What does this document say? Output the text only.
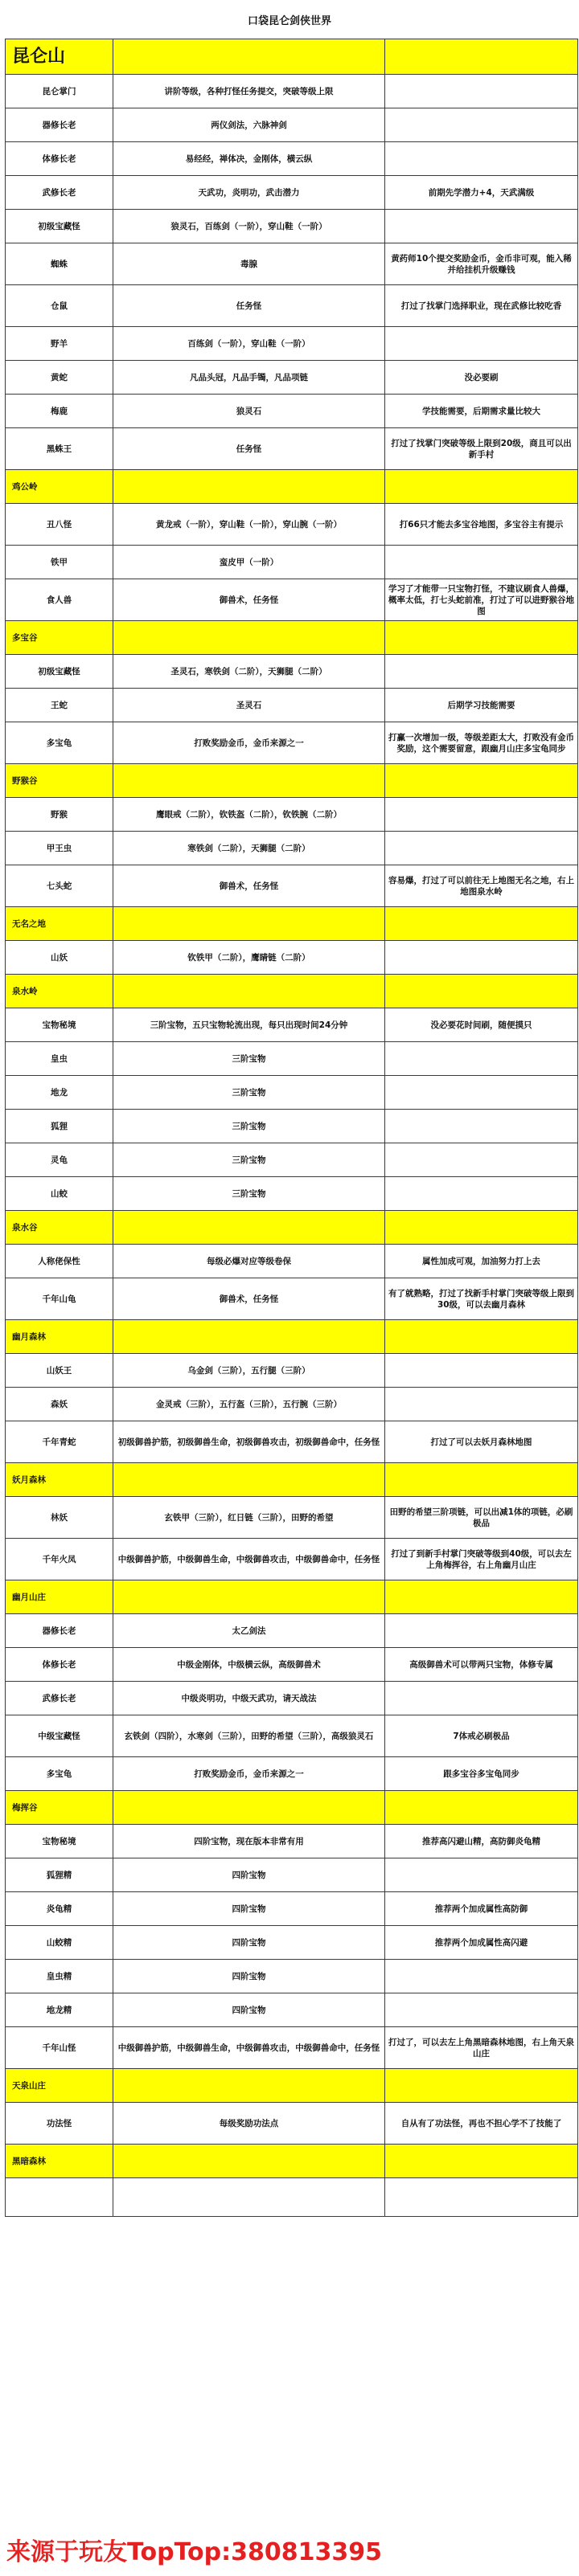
口袋昆仑剑侠世界
昆仑山		
昆仑掌门	讲阶等级，各种打怪任务提交，突破等级上限	
器修长老	两仪剑法，六脉神剑	
体修长老	易经经，禅体决，金刚体，横云纵	
武修长老	天武功，炎明功，武击潜力	前期先学潜力+4，天武满级
初级宝藏怪	狼灵石，百练剑（一阶），穿山鞋（一阶）	
蜘蛛	毒腺	黄药师10个提交奖励金币，金币非可观，能入稀并给挂机升级赚钱
仓鼠	任务怪	打过了找掌门选择职业，现在武修比较吃香
野羊	百练剑（一阶），穿山鞋（一阶）	
黄蛇	凡品头冠，凡品手镯，凡品项链	没必要刷
梅鹿	狼灵石	学技能需要，后期需求量比较大
黑蛛王	任务怪	打过了找掌门突破等级上限到20级，商且可以出新手村
鸡公岭		
丑八怪	黄龙戒（一阶），穿山鞋（一阶），穿山腕（一阶）	打66只才能去多宝谷地图，多宝谷主有提示
铁甲	蛮皮甲（一阶）	
食人兽	御兽术，任务怪	学习了才能带一只宝物打怪，不建议刷食人兽爆，概率太低，打七头蛇前准，打过了可以进野猴谷地图
多宝谷		
初级宝藏怪	圣灵石，寒铁剑（二阶），天狮腿（二阶）	
王蛇	圣灵石	后期学习技能需要
多宝龟	打败奖励金币，金币来源之一	打赢一次增加一级，等级差距太大，打败没有金币奖励，这个需要留意，跟幽月山庄多宝龟同步
野猴谷		
野猴	鹰眼戒（二阶），钦铁盔（二阶），钦铁腕（二阶）	
甲王虫	寒铁剑（二阶），天狮腿（二阶）	
七头蛇	御兽术，任务怪	容易爆，打过了可以前往无上地图无名之地，右上地图泉水岭
无名之地		
山妖	钦铁甲（二阶），鹰睛链（二阶）	
泉水岭		
宝物秘境	三阶宝物，五只宝物轮流出现，每只出现时间24分钟	没必要花时间刷，随便摸只
皇虫	三阶宝物	
地龙	三阶宝物	
狐狸	三阶宝物	
灵龟	三阶宝物	
山蛟	三阶宝物	
泉水谷		
人称佬保性	每级必爆对应等级卷保	属性加成可观，加油努力打上去
千年山龟	御兽术，任务怪	有了就熟略，打过了找新手村掌门突破等级上限到30级，可以去幽月森林
幽月森林		
山妖王	乌金剑（三阶），五行腿（三阶）	
森妖	金灵戒（三阶），五行盔（三阶），五行腕（三阶）	
千年青蛇	初级御兽护筋，初级御兽生命，初级御兽攻击，初级御兽命中，任务怪	打过了可以去妖月森林地图
妖月森林		
林妖	玄铁甲（三阶），红日链（三阶），田野的希望	田野的希望三阶项链，可以出减1体的项链，必刷极品
千年火凤	中级御兽护筋，中级御兽生命，中级御兽攻击，中级御兽命中，任务怪	打过了到新手村掌门突破等级到40级，可以去左上角梅挥谷，右上角幽月山庄
幽月山庄		
器修长老	太乙剑法	
体修长老	中级金刚体，中级横云纵，高级御兽术	高级御兽术可以带两只宝物，体修专属
武修长老	中级炎明功，中级天武功，请天战法	
中级宝藏怪	玄铁剑（四阶），水寒剑（三阶），田野的希望（三阶），高级狼灵石	7体戒必刷极品
多宝龟	打败奖励金币，金币来源之一	跟多宝谷多宝龟同步
梅挥谷		
宝物秘境	四阶宝物，现在版本非常有用	推荐高闪避山精，高防御炎龟精
狐狸精	四阶宝物	
炎龟精	四阶宝物	推荐两个加成属性高防御
山蛟精	四阶宝物	推荐两个加成属性高闪避
皇虫精	四阶宝物	
地龙精	四阶宝物	
千年山怪	中级御兽护筋，中级御兽生命，中级御兽攻击，中级御兽命中，任务怪	打过了，可以去左上角黑暗森林地图，右上角天泉山庄
天泉山庄		
功法怪	每级奖励功法点	自从有了功法怪，再也不担心学不了技能了
黑暗森林		

来源于玩友TopTop:380813395
